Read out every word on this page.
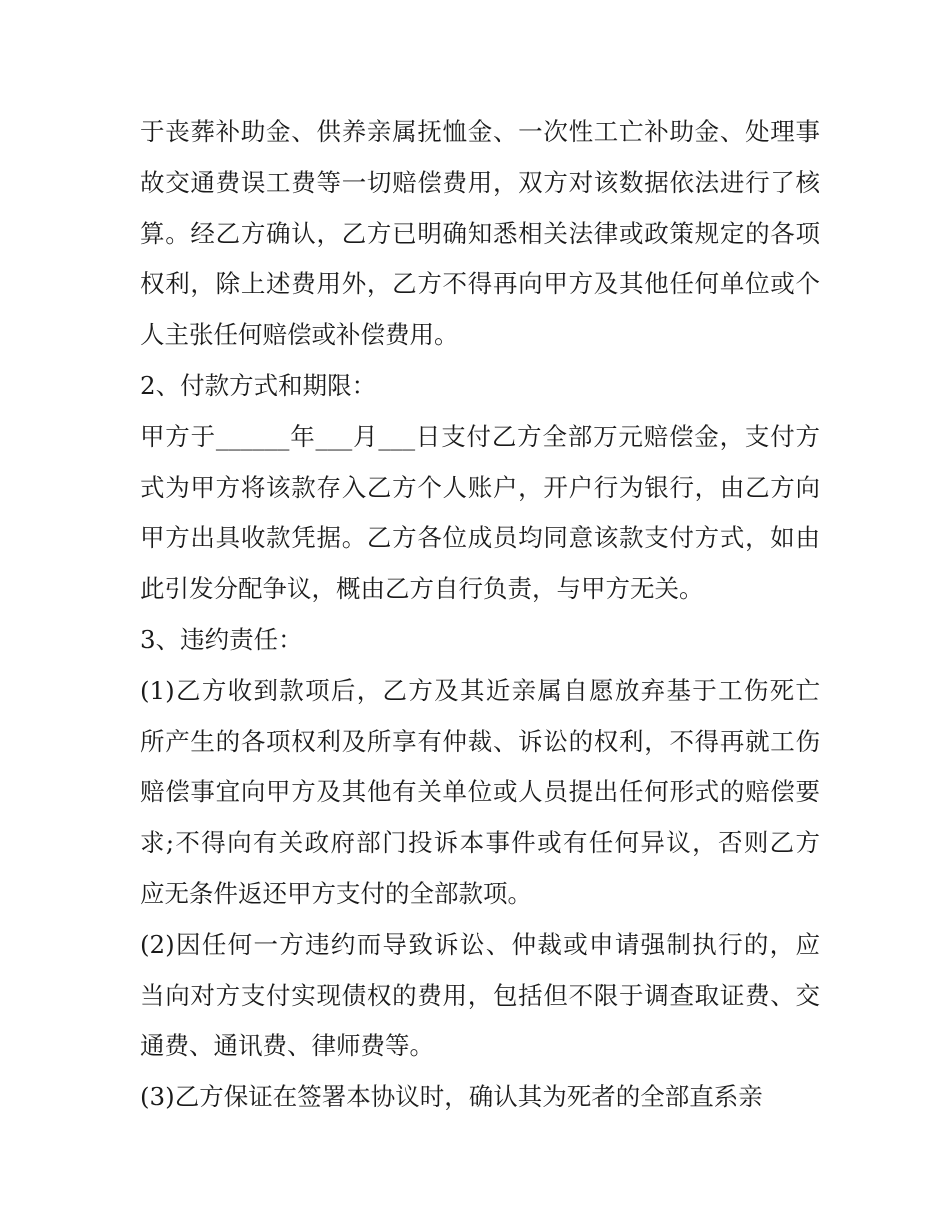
于丧葬补助金、供养亲属抚恤金、一次性工亡补助金、处理事
故交通费误工费等一切赔偿费用，双方对该数据依法进行了核
算。经乙方确认，乙方已明确知悉相关法律或政策规定的各项
权利，除上述费用外，乙方不得再向甲方及其他任何单位或个
人主张任何赔偿或补偿费用。
2、付款方式和期限：
甲方于______年___月___日支付乙方全部万元赔偿金，支付方
式为甲方将该款存入乙方个人账户，开户行为银行，由乙方向
甲方出具收款凭据。乙方各位成员均同意该款支付方式，如由
此引发分配争议，概由乙方自行负责，与甲方无关。
3、违约责任：
(1)乙方收到款项后，乙方及其近亲属自愿放弃基于工伤死亡
所产生的各项权利及所享有仲裁、诉讼的权利，不得再就工伤
赔偿事宜向甲方及其他有关单位或人员提出任何形式的赔偿要
求;不得向有关政府部门投诉本事件或有任何异议，否则乙方
应无条件返还甲方支付的全部款项。
(2)因任何一方违约而导致诉讼、仲裁或申请强制执行的，应
当向对方支付实现债权的费用，包括但不限于调查取证费、交
通费、通讯费、律师费等。
(3)乙方保证在签署本协议时，确认其为死者的全部直系亲
